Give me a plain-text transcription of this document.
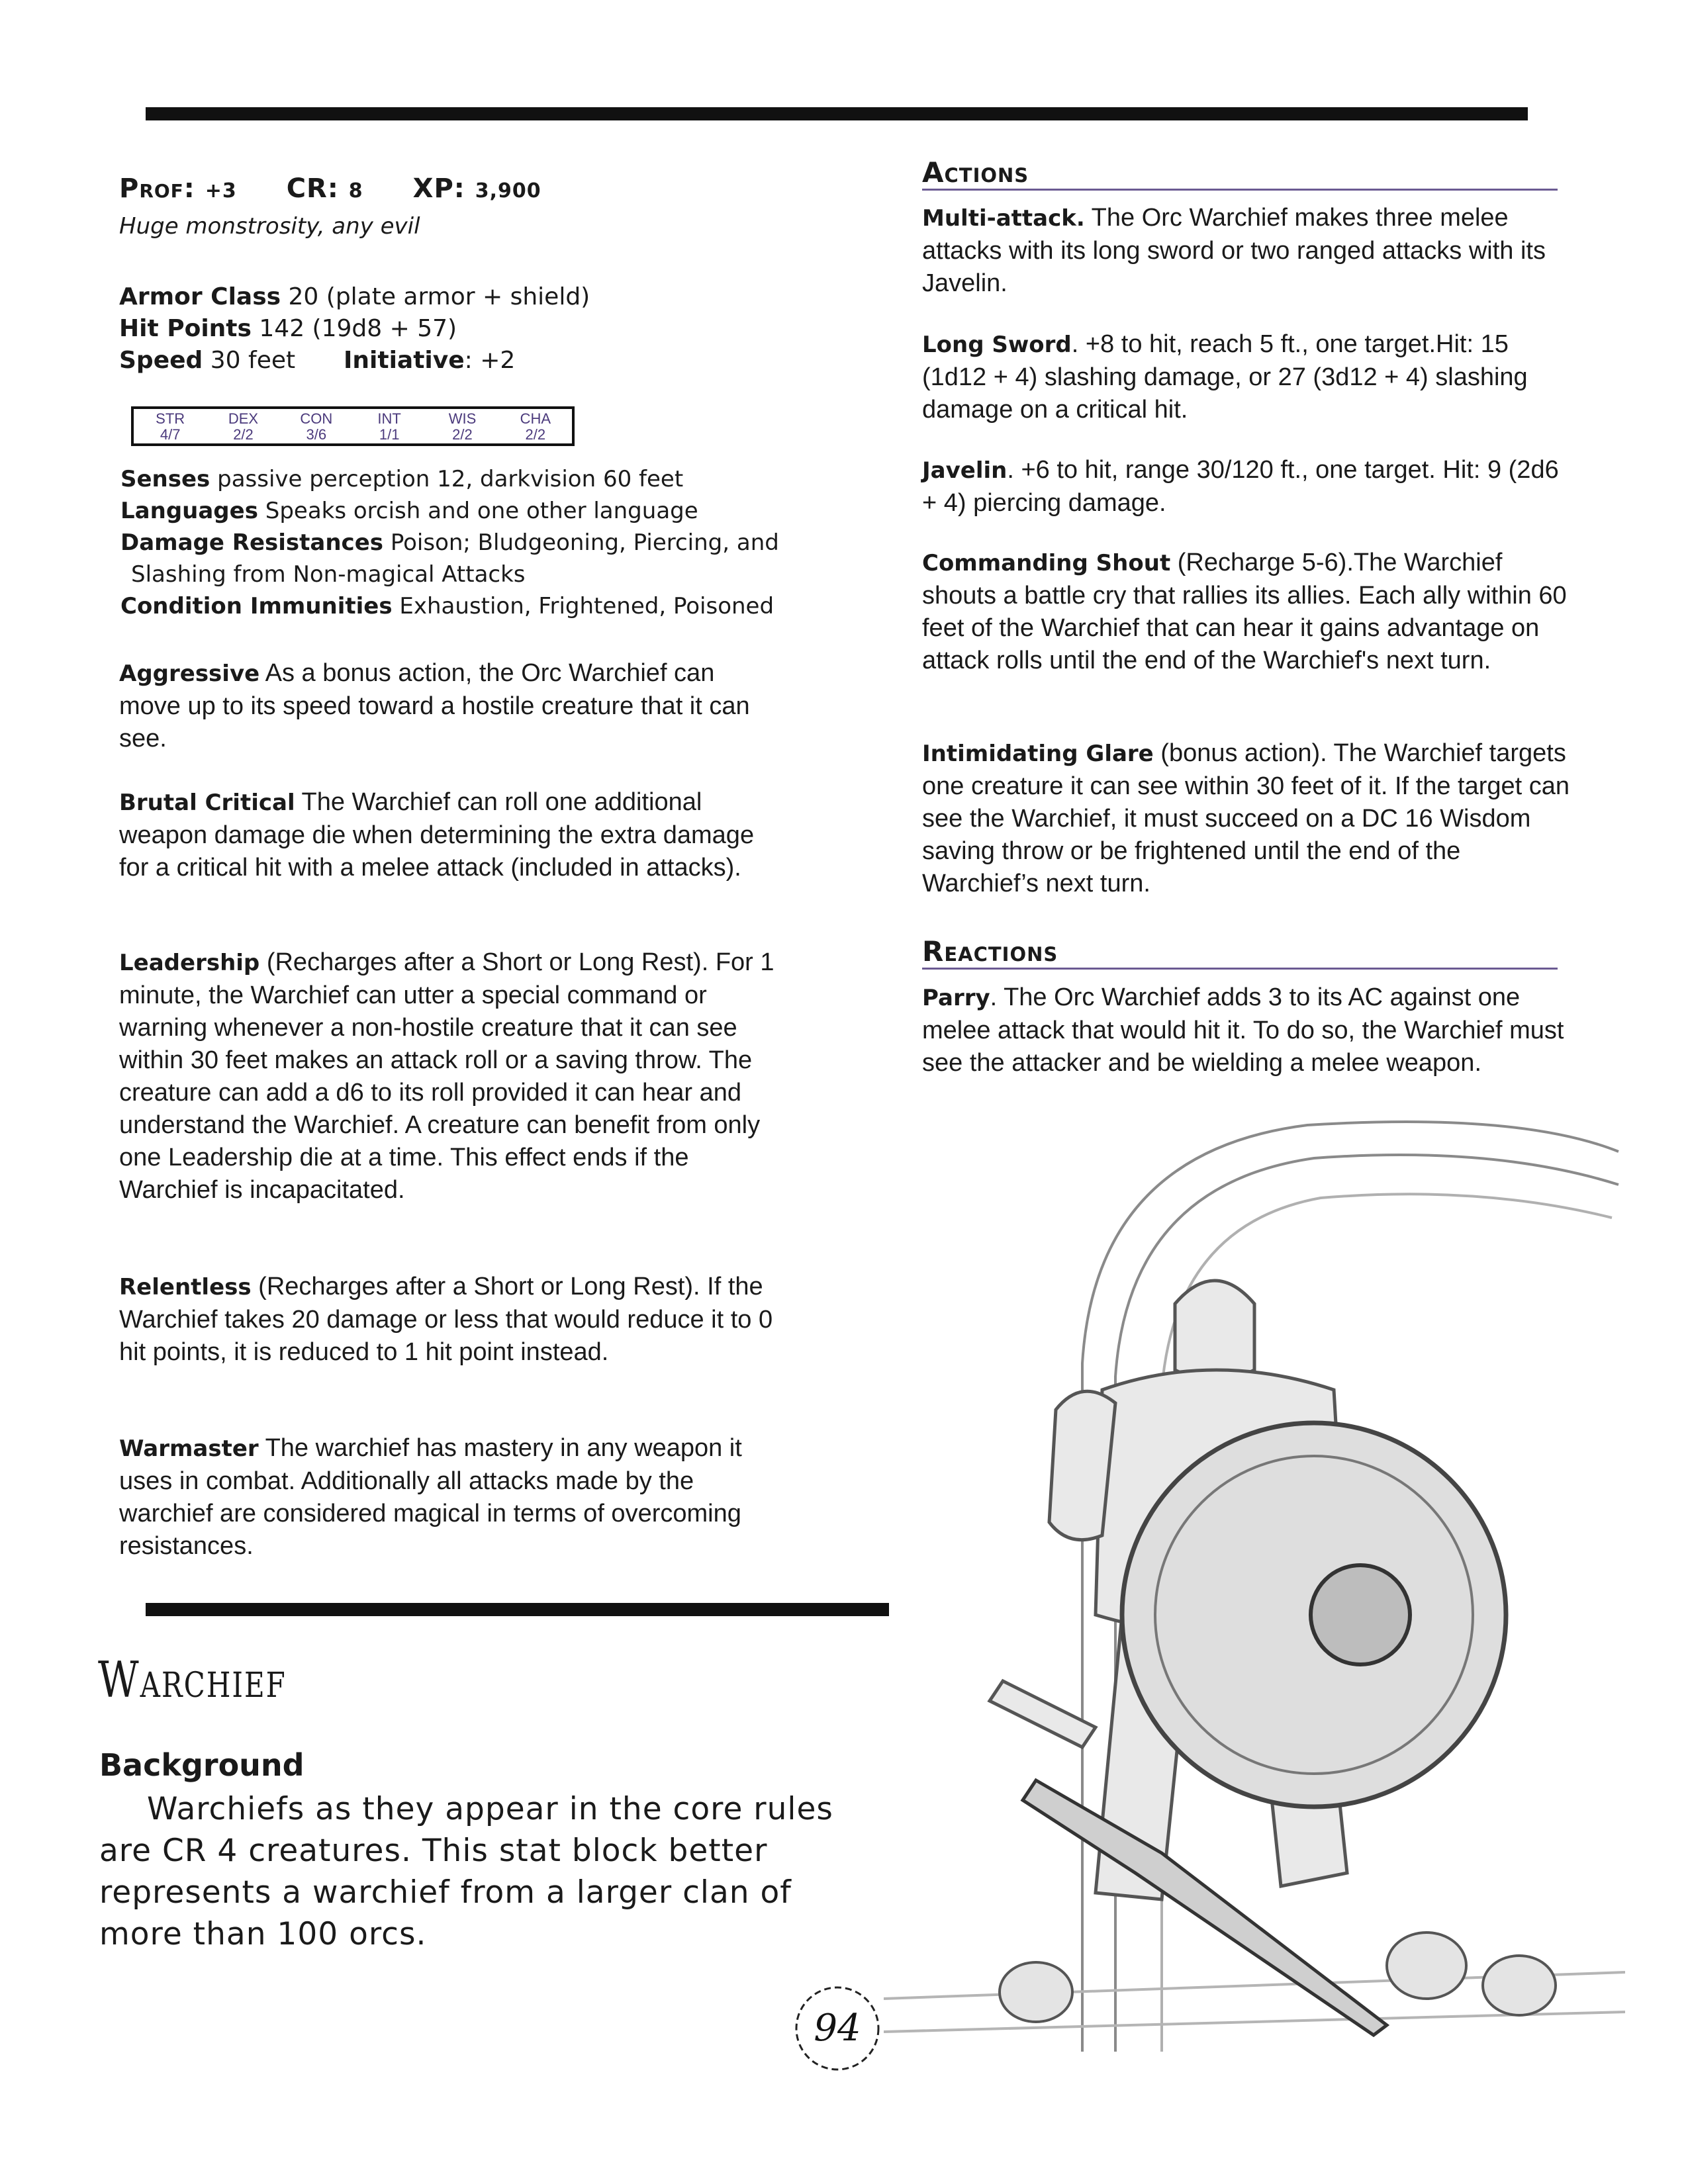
Prof: +3 CR: 8 XP: 3,900
Huge monstrosity, any evil
Armor Class 20 (plate armor + shield)
Hit Points 142 (19d8 + 57)
Speed 30 feet Initiative: +2
STR
4/7
DEX
2/2
CON
3/6
INT
1/1
WIS
2/2
CHA
2/2
Senses passive perception 12, darkvision 60 feet
Languages Speaks orcish and one other language
Damage Resistances Poison; Bludgeoning, Piercing, and
Slashing from Non-magical Attacks
Condition Immunities Exhaustion, Frightened, Poisoned
Aggressive As a bonus action, the Orc Warchief can move up to its speed toward a hostile creature that it can see.
Brutal Critical The Warchief can roll one additional weapon damage die when determining the extra damage for a critical hit with a melee attack (included in attacks).
Leadership (Recharges after a Short or Long Rest). For 1 minute, the Warchief can utter a special command or warning whenever a non-hostile creature that it can see within 30 feet makes an attack roll or a saving throw. The creature can add a d6 to its roll provided it can hear and understand the Warchief. A creature can benefit from only one Leadership die at a time. This effect ends if the Warchief is incapacitated.
Relentless (Recharges after a Short or Long Rest). If the Warchief takes 20 damage or less that would reduce it to 0 hit points, it is reduced to 1 hit point instead.
Warmaster The warchief has mastery in any weapon it uses in combat. Additionally all attacks made by the warchief are considered magical in terms of overcoming resistances.
Actions
Multi-attack. The Orc Warchief makes three melee attacks with its long sword or two ranged attacks with its Javelin.
Long Sword. +8 to hit, reach 5 ft., one target.Hit: 15 (1d12 + 4) slashing damage, or 27 (3d12 + 4) slashing damage on a critical hit.
Javelin. +6 to hit, range 30/120 ft., one target. Hit: 9 (2d6 + 4) piercing damage.
Commanding Shout (Recharge 5-6).The Warchief shouts a battle cry that rallies its allies. Each ally within 60 feet of the Warchief that can hear it gains advantage on attack rolls until the end of the Warchief's next turn.
Intimidating Glare (bonus action). The Warchief targets one creature it can see within 30 feet of it. If the target can see the Warchief, it must succeed on a DC 16 Wisdom saving throw or be frightened until the end of the Warchief’s next turn.
Reactions
Parry. The Orc Warchief adds 3 to its AC against one melee attack that would hit it. To do so, the Warchief must see the attacker and be wielding a melee weapon.
Warchief
Background
Warchiefs as they appear in the core rules are CR 4 creatures. This stat block better represents a warchief from a larger clan of more than 100 orcs.
94
